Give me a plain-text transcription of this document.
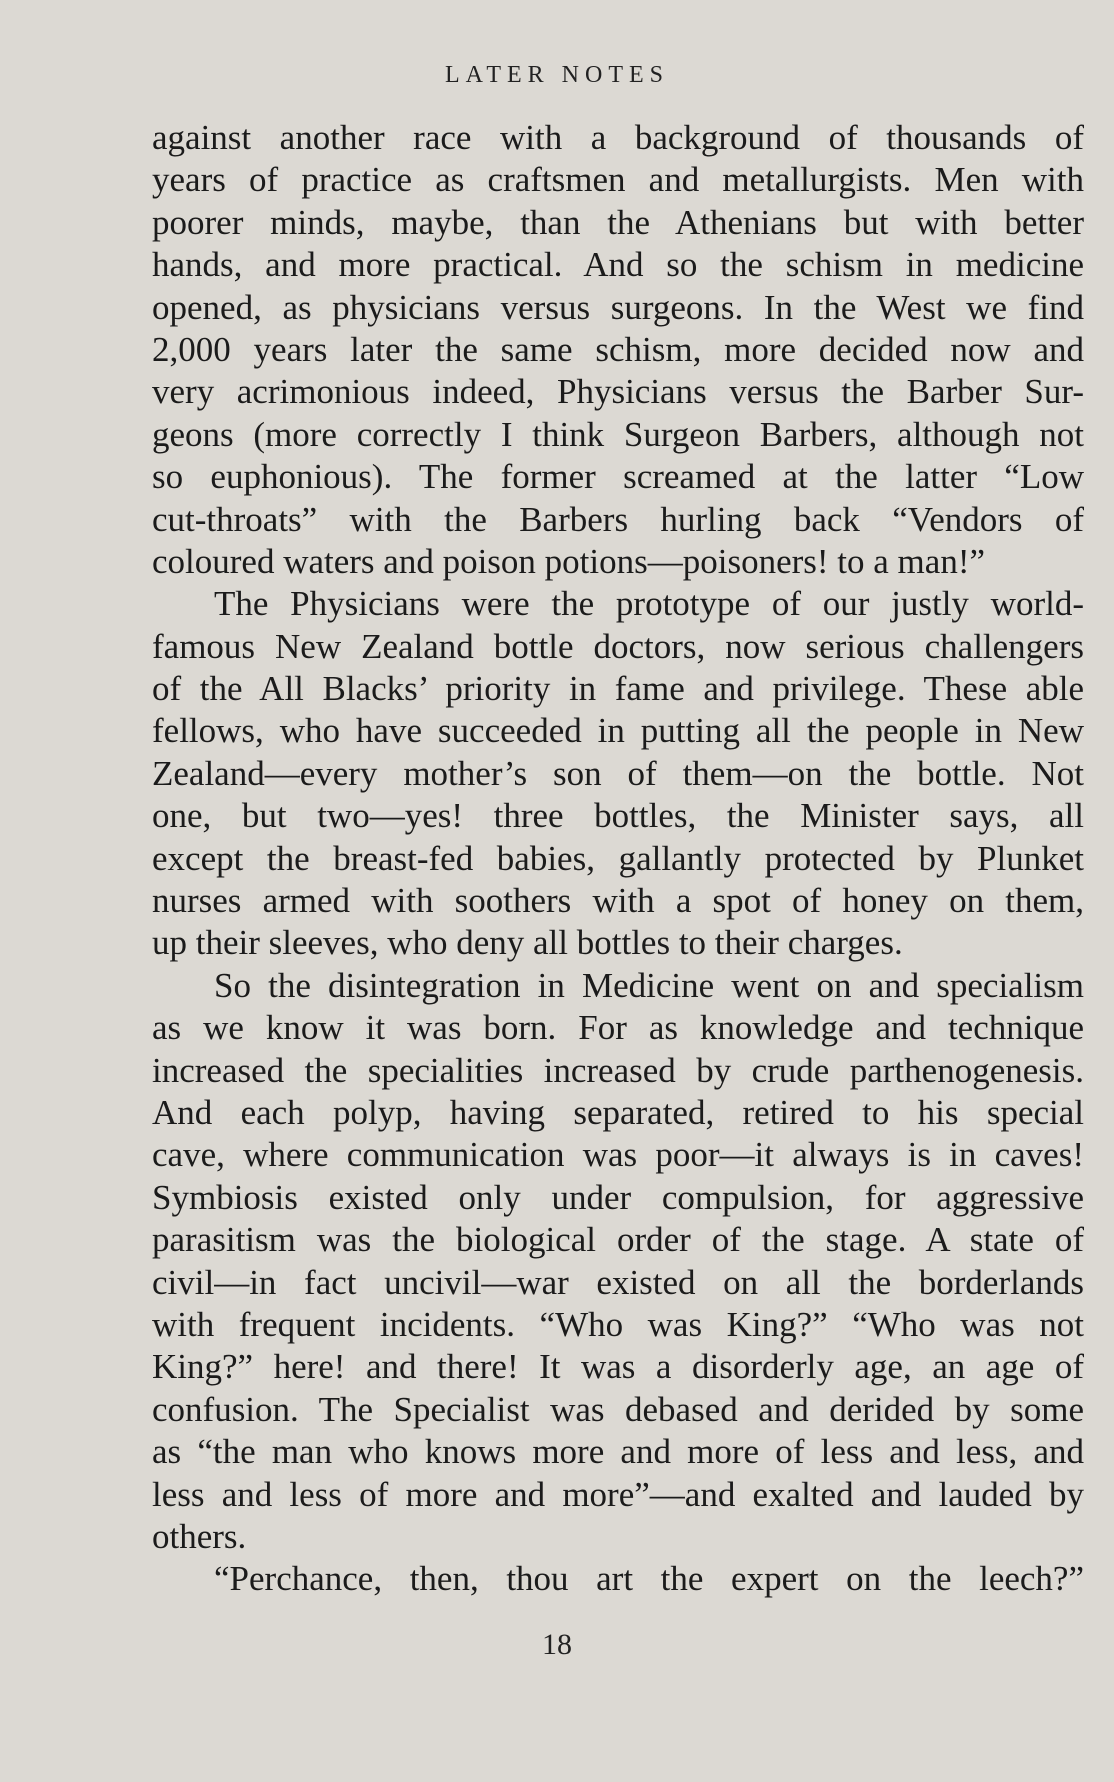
LATER NOTES
against another race with a background of thousands of
years of practice as craftsmen and metallurgists. Men with
poorer minds, maybe, than the Athenians but with better
hands, and more practical. And so the schism in medicine
opened, as physicians versus surgeons. In the West we find
2,000 years later the same schism, more decided now and
very acrimonious indeed, Physicians versus the Barber Sur-
geons (more correctly I think Surgeon Barbers, although not
so euphonious). The former screamed at the latter “Low
cut-throats” with the Barbers hurling back “Vendors of
coloured waters and poison potions—poisoners! to a man!”
The Physicians were the prototype of our justly world-
famous New Zealand bottle doctors, now serious challengers
of the All Blacks’ priority in fame and privilege. These able
fellows, who have succeeded in putting all the people in New
Zealand—every mother’s son of them—on the bottle. Not
one, but two—yes! three bottles, the Minister says, all
except the breast-fed babies, gallantly protected by Plunket
nurses armed with soothers with a spot of honey on them,
up their sleeves, who deny all bottles to their charges.
So the disintegration in Medicine went on and specialism
as we know it was born. For as knowledge and technique
increased the specialities increased by crude parthenogenesis.
And each polyp, having separated, retired to his special
cave, where communication was poor—it always is in caves!
Symbiosis existed only under compulsion, for aggressive
parasitism was the biological order of the stage. A state of
civil—in fact uncivil—war existed on all the borderlands
with frequent incidents. “Who was King?” “Who was not
King?” here! and there! It was a disorderly age, an age of
confusion. The Specialist was debased and derided by some
as “the man who knows more and more of less and less, and
less and less of more and more”—and exalted and lauded by
others.
“Perchance, then, thou art the expert on the leech?”
18
